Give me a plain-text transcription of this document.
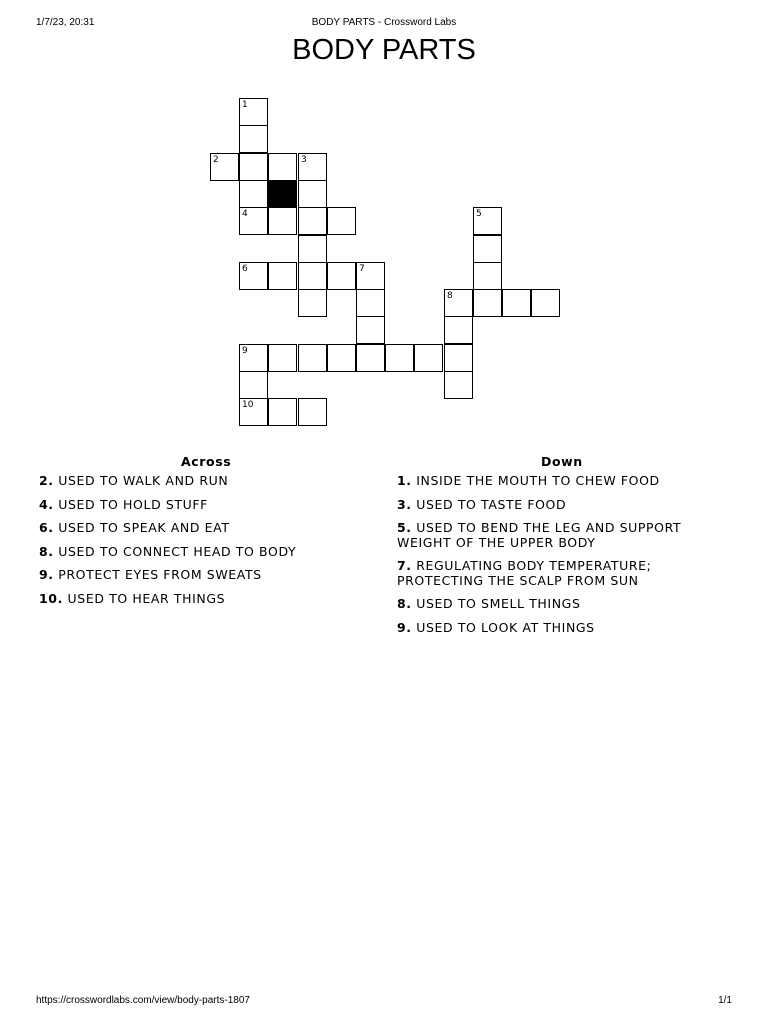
1/7/23, 20:31	BODY PARTS - Crossword Labs
BODY PARTS
1
2	3
4	5
6	7
8
9
10
Across	Down
2. USED TO WALK AND RUN
4. USED TO HOLD STUFF
6. USED TO SPEAK AND EAT
8. USED TO CONNECT HEAD TO BODY
9. PROTECT EYES FROM SWEATS
10. USED TO HEAR THINGS
1. INSIDE THE MOUTH TO CHEW FOOD
3. USED TO TASTE FOOD
5. USED TO BEND THE LEG AND SUPPORT WEIGHT OF THE UPPER BODY
7. REGULATING BODY TEMPERATURE; PROTECTING THE SCALP FROM SUN
8. USED TO SMELL THINGS
9. USED TO LOOK AT THINGS
https://crosswordlabs.com/view/body-parts-1807	1/1
